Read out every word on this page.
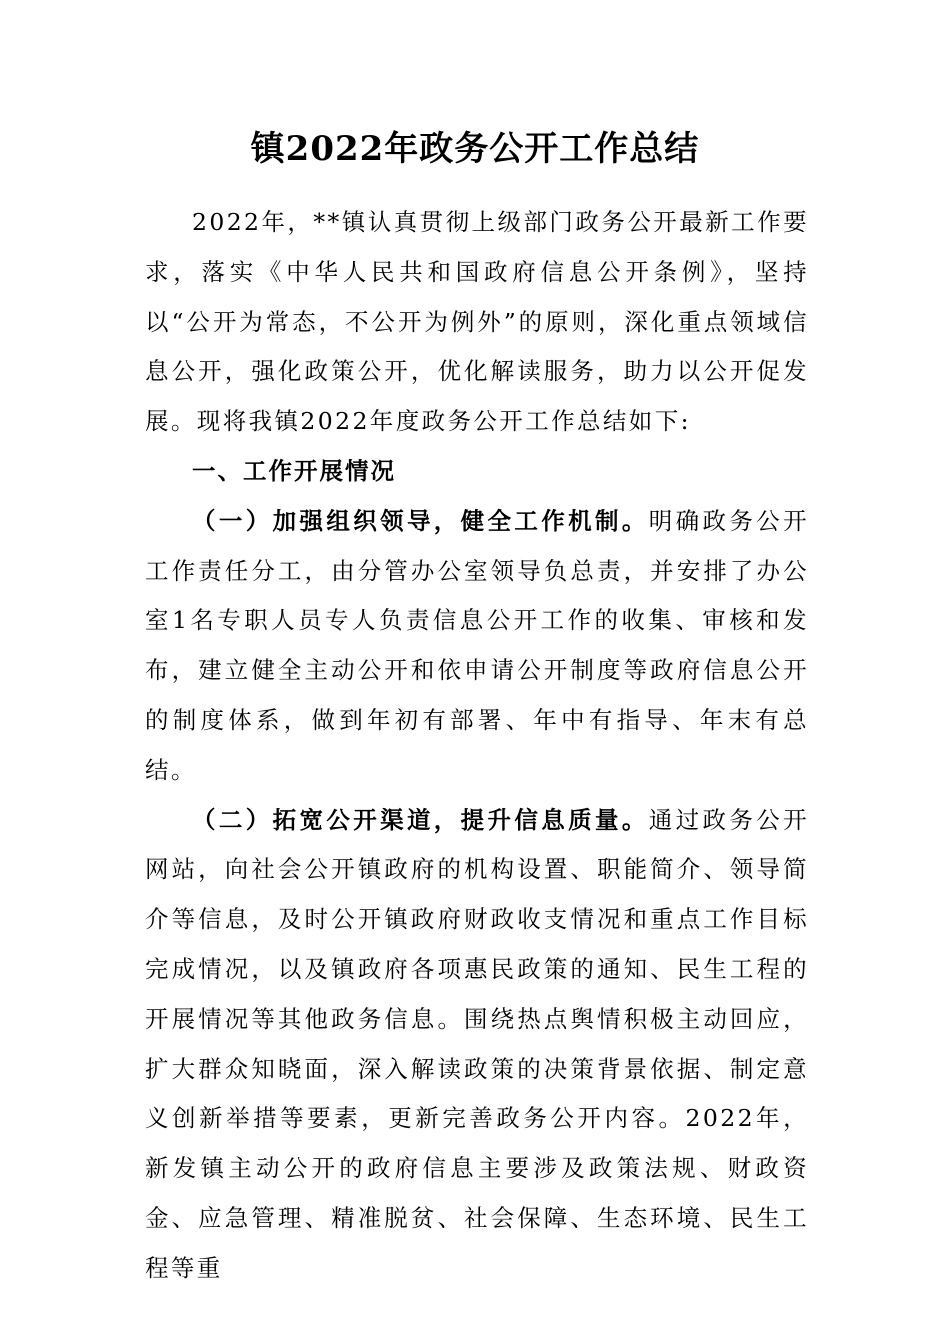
镇2022年政务公开工作总结

2022年，**镇认真贯彻上级部门政务公开最新工作要求，落实《中华人民共和国政府信息公开条例》，坚持以“公开为常态，不公开为例外”的原则，深化重点领域信息公开，强化政策公开，优化解读服务，助力以公开促发展。现将我镇2022年度政务公开工作总结如下:

一、工作开展情况

（一）加强组织领导，健全工作机制。明确政务公开工作责任分工，由分管办公室领导负总责，并安排了办公室1名专职人员专人负责信息公开工作的收集、审核和发布，建立健全主动公开和依申请公开制度等政府信息公开的制度体系，做到年初有部署、年中有指导、年末有总结。

（二）拓宽公开渠道，提升信息质量。通过政务公开网站，向社会公开镇政府的机构设置、职能简介、领导简介等信息，及时公开镇政府财政收支情况和重点工作目标完成情况，以及镇政府各项惠民政策的通知、民生工程的开展情况等其他政务信息。围绕热点舆情积极主动回应，扩大群众知晓面，深入解读政策的决策背景依据、制定意义创新举措等要素，更新完善政务公开内容。2022年，新发镇主动公开的政府信息主要涉及政策法规、财政资金、应急管理、精准脱贫、社会保障、生态环境、民生工程等重
